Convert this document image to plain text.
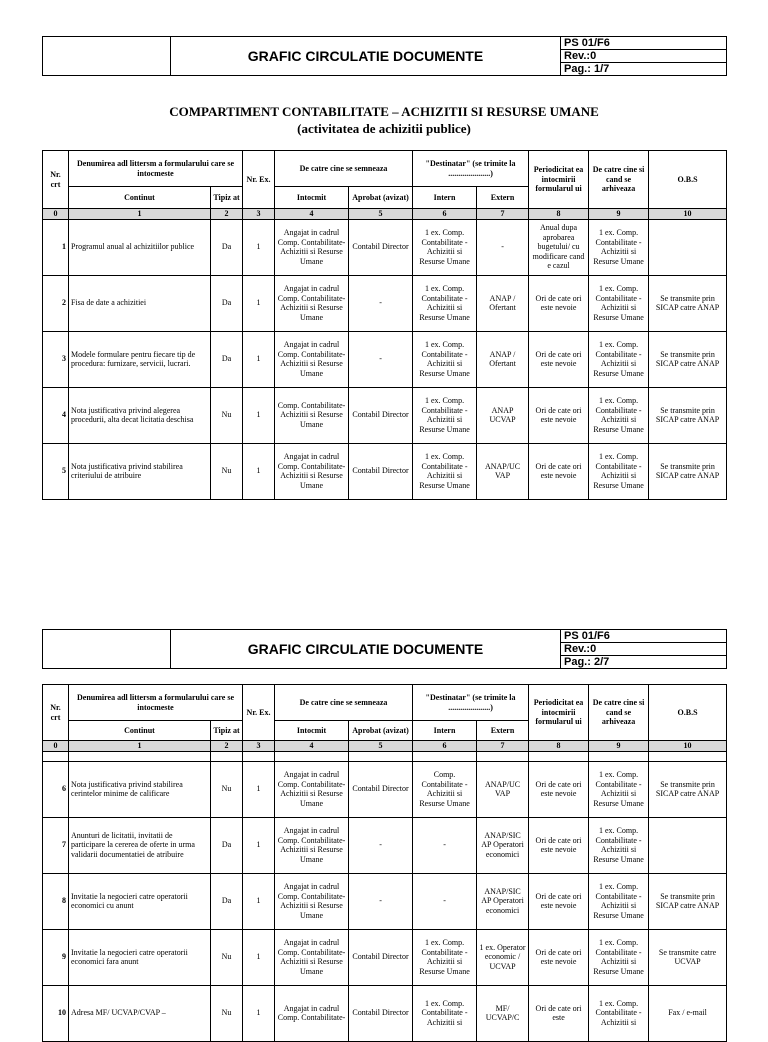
	GRAFIC CIRCULATIE DOCUMENTE	PS 01/F6
Rev.:0
Pag.: 1/7
COMPARTIMENT CONTABILITATE – ACHIZITII SI RESURSE UMANE
(activitatea de achizitii publice)
Nr. crt	Denumirea adl littersm a formularului care se intocmeste		Nr. Ex.	De catre cine se semneaza		"Destinatar" (se trimite la .....................)		Periodicitat ea intocmirii formularul ui	De catre cine si cand se arhiveaza	O.B.S
	Continut	Tipiz at		Intocmit	Aprobat (avizat)	Intern	Extern			
0	1	2	3	4	5	6	7	8	9	10
1	Programul anual al achizitiilor publice	Da	1	Angajat in cadrul Comp. Contabilitate- Achizitii si Resurse Umane	Contabil Director	1 ex. Comp. Contabilitate - Achizitii si Resurse Umane	-	Anual dupa aprobarea bugetului/ cu modificare cand e cazul	1 ex. Comp. Contabilitate - Achizitii si Resurse Umane	
2	Fisa de date a achizitiei	Da	1	Angajat in cadrul Comp. Contabilitate- Achizitii si Resurse Umane	-	1 ex. Comp. Contabilitate - Achizitii si Resurse Umane	ANAP / Ofertant	Ori de cate ori este nevoie	1 ex. Comp. Contabilitate - Achizitii si Resurse Umane	Se transmite prin SICAP catre ANAP
3	Modele formulare pentru fiecare tip de procedura: furnizare, servicii, lucrari.	Da	1	Angajat in cadrul Comp. Contabilitate- Achizitii si Resurse Umane	-	1 ex. Comp. Contabilitate - Achizitii si Resurse Umane	ANAP / Ofertant	Ori de cate ori este nevoie	1 ex. Comp. Contabilitate - Achizitii si Resurse Umane	Se transmite prin SICAP catre ANAP
4	Nota justificativa privind alegerea procedurii, alta decat licitatia deschisa	Nu	1	Comp. Contabilitate- Achizitii si Resurse Umane	Contabil Director	1 ex. Comp. Contabilitate - Achizitii si Resurse Umane	ANAP UCVAP	Ori de cate ori este nevoie	1 ex. Comp. Contabilitate - Achizitii si Resurse Umane	Se transmite prin SICAP catre ANAP
5	Nota justificativa privind stabilirea criteriului de atribuire	Nu	1	Angajat in cadrul Comp. Contabilitate- Achizitii si Resurse Umane	Contabil Director	1 ex. Comp. Contabilitate - Achizitii si Resurse Umane	ANAP/UC VAP	Ori de cate ori este nevoie	1 ex. Comp. Contabilitate - Achizitii si Resurse Umane	Se transmite prin SICAP catre ANAP
	GRAFIC CIRCULATIE DOCUMENTE	PS 01/F6
Rev.:0
Pag.: 2/7
Nr. crt	Denumirea adl littersm a formularului care se intocmeste		Nr. Ex.	De catre cine se semneaza		"Destinatar" (se trimite la .....................)		Periodicitat ea intocmirii formularul ui	De catre cine si cand se arhiveaza	O.B.S
	Continut	Tipiz at		Intocmit	Aprobat (avizat)	Intern	Extern			
0	1	2	3	4	5	6	7	8	9	10

6	Nota justificativa privind stabilirea cerintelor minime de calificare	Nu	1	Angajat in cadrul Comp. Contabilitate- Achizitii si Resurse Umane	Contabil Director	Comp. Contabilitate - Achizitii si Resurse Umane	ANAP/UC VAP	Ori de cate ori este nevoie	1 ex. Comp. Contabilitate - Achizitii si Resurse Umane	Se transmite prin SICAP catre ANAP
7	Anunturi de licitatii, invitatii de participare la cererea de oferte in urma validarii documentatiei de atribuire	Da	1	Angajat in cadrul Comp. Contabilitate- Achizitii si Resurse Umane	-	-	ANAP/SIC AP Operatori economici	Ori de cate ori este nevoie	1 ex. Comp. Contabilitate - Achizitii si Resurse Umane	
8	Invitatie la negocieri catre operatorii economici cu anunt	Da	1	Angajat in cadrul Comp. Contabilitate- Achizitii si Resurse Umane	-	-	ANAP/SIC AP Operatori economici	Ori de cate ori este nevoie	1 ex. Comp. Contabilitate - Achizitii si Resurse Umane	Se transmite prin SICAP catre ANAP
9	Invitatie la negocieri catre operatorii economici fara anunt	Nu	1	Angajat in cadrul Comp. Contabilitate- Achizitii si Resurse Umane	Contabil Director	1 ex. Comp. Contabilitate - Achizitii si Resurse Umane	1 ex. Operator economic / UCVAP	Ori de cate ori este nevoie	1 ex. Comp. Contabilitate - Achizitii si Resurse Umane	Se transmite catre UCVAP
10	Adresa MF/ UCVAP/CVAP –	Nu	1	Angajat in cadrul Comp. Contabilitate-	Contabil Director	1 ex. Comp. Contabilitate - Achizitii si	MF/ UCVAP/C	Ori de cate ori este	1 ex. Comp. Contabilitate - Achizitii si	Fax / e-mail
